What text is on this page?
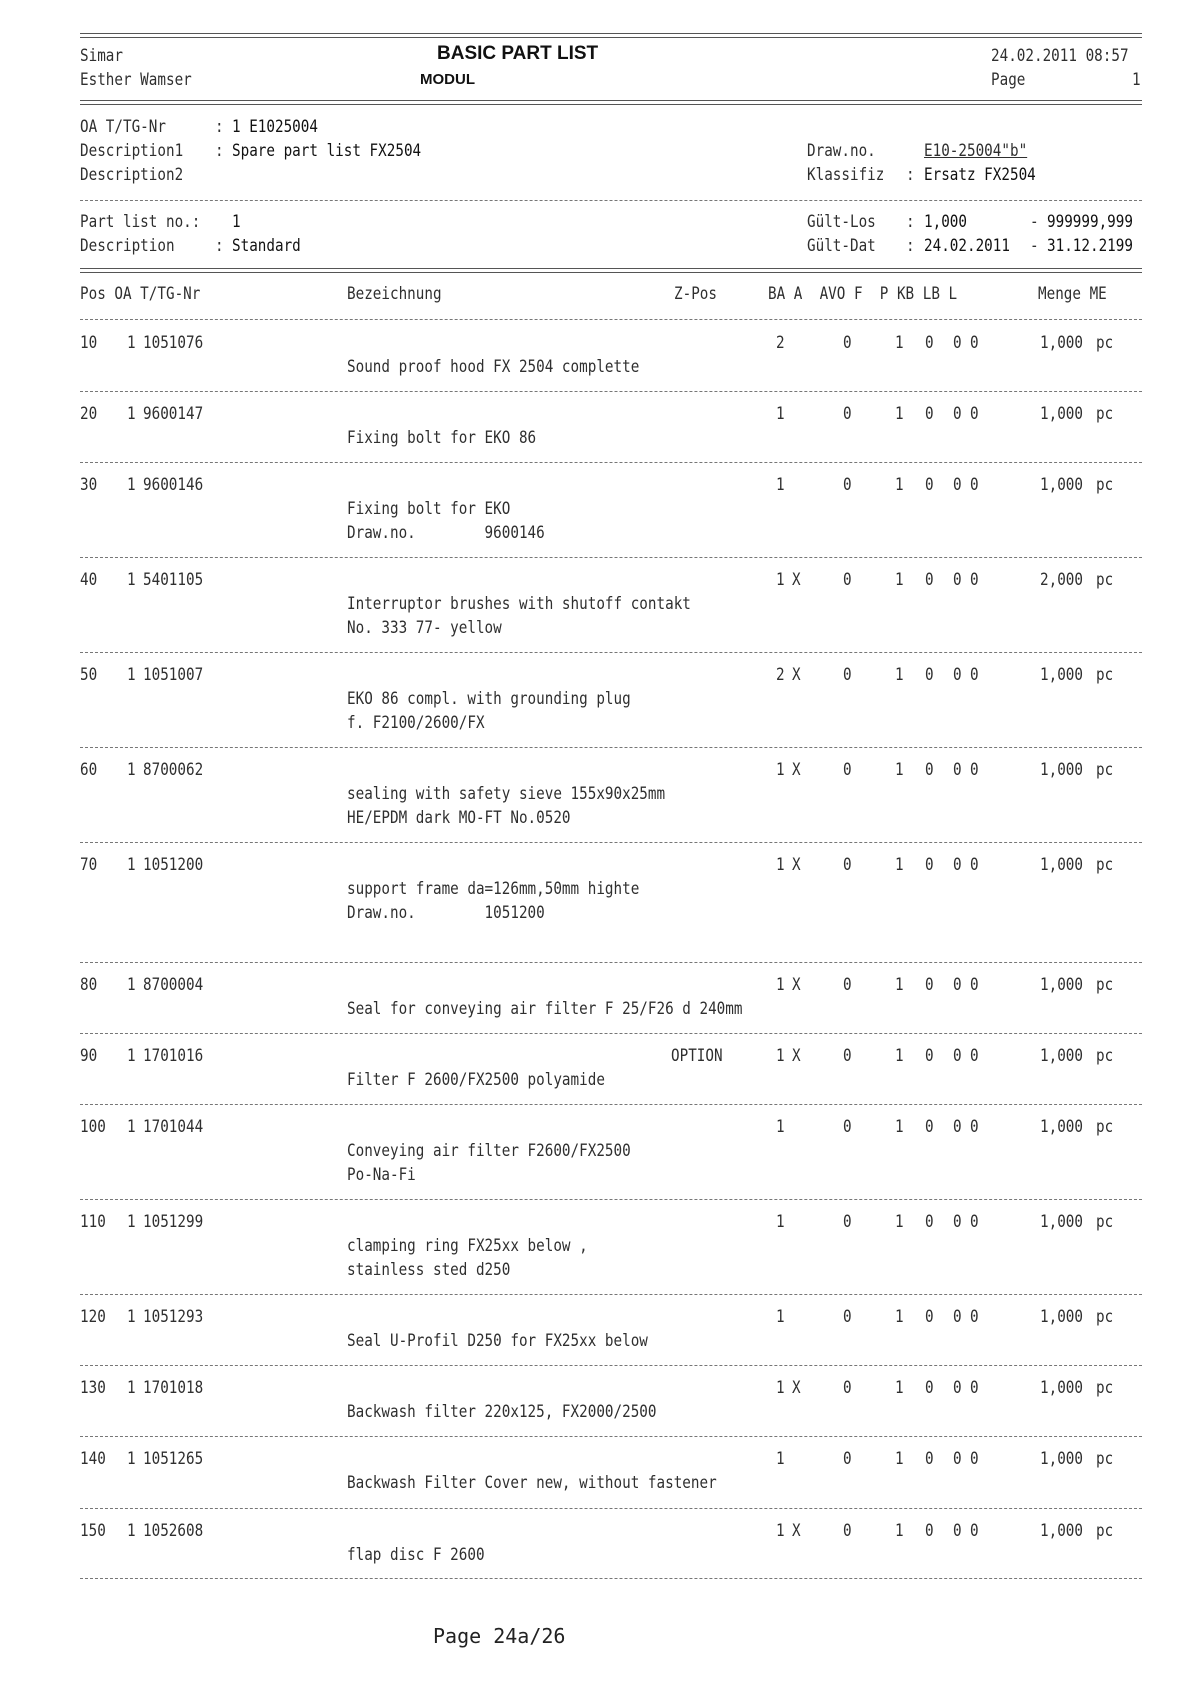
Simar
Esther Wamser
BASIC PART LIST
MODUL
24.02.2011 08:57
Page	1
OA T/TG-Nr	: 1 E1025004
Description1 : Spare part list FX2504
Description2
Draw.no.	E10-25004"b"
Klassifiz : Ersatz FX2504
Part list no.: 1
Description : Standard
Gült-Los : 1,000	- 999999,999
Gült-Dat : 24.02.2011 - 31.12.2199
Pos OA T/TG-Nr	Bezeichnung	Z-Pos	BA A  AVO F  P KB LB L	Menge ME
10 1 1051076	2	0	1 0 0 0	1,000 pc
Sound proof hood FX 2504 complette
20 1 9600147	1	0	1 0 0 0	1,000 pc
Fixing bolt for EKO 86
30 1 9600146	1	0	1 0 0 0	1,000 pc
Fixing bolt for EKO
Draw.no.        9600146
40 1 5401105	1 X 0	1 0 0 0	2,000 pc
Interruptor brushes with shutoff contakt
No. 333 77- yellow
50 1 1051007	2 X 0	1 0 0 0	1,000 pc
EKO 86 compl. with grounding plug
f. F2100/2600/FX
60 1 8700062	1 X 0	1 0 0 0	1,000 pc
sealing with safety sieve 155x90x25mm
HE/EPDM dark MO-FT No.0520
70 1 1051200	1 X 0	1 0 0 0	1,000 pc
support frame da=126mm,50mm highte
Draw.no.        1051200
80 1 8700004	1 X 0	1 0 0 0	1,000 pc
Seal for conveying air filter F 25/F26 d 240mm
90 1 1701016	OPTION	1 X 0	1 0 0 0	1,000 pc
Filter F 2600/FX2500 polyamide
100 1 1701044	1	0	1 0 0 0	1,000 pc
Conveying air filter F2600/FX2500
Po-Na-Fi
110 1 1051299	1	0	1 0 0 0	1,000 pc
clamping ring FX25xx below ,
stainless sted d250
120 1 1051293	1	0	1 0 0 0	1,000 pc
Seal U-Profil D250 for FX25xx below
130 1 1701018	1 X 0	1 0 0 0	1,000 pc
Backwash filter 220x125, FX2000/2500
140 1 1051265	1	0	1 0 0 0	1,000 pc
Backwash Filter Cover new, without fastener
150 1 1052608	1 X 0	1 0 0 0	1,000 pc
flap disc F 2600
Page 24a/26
